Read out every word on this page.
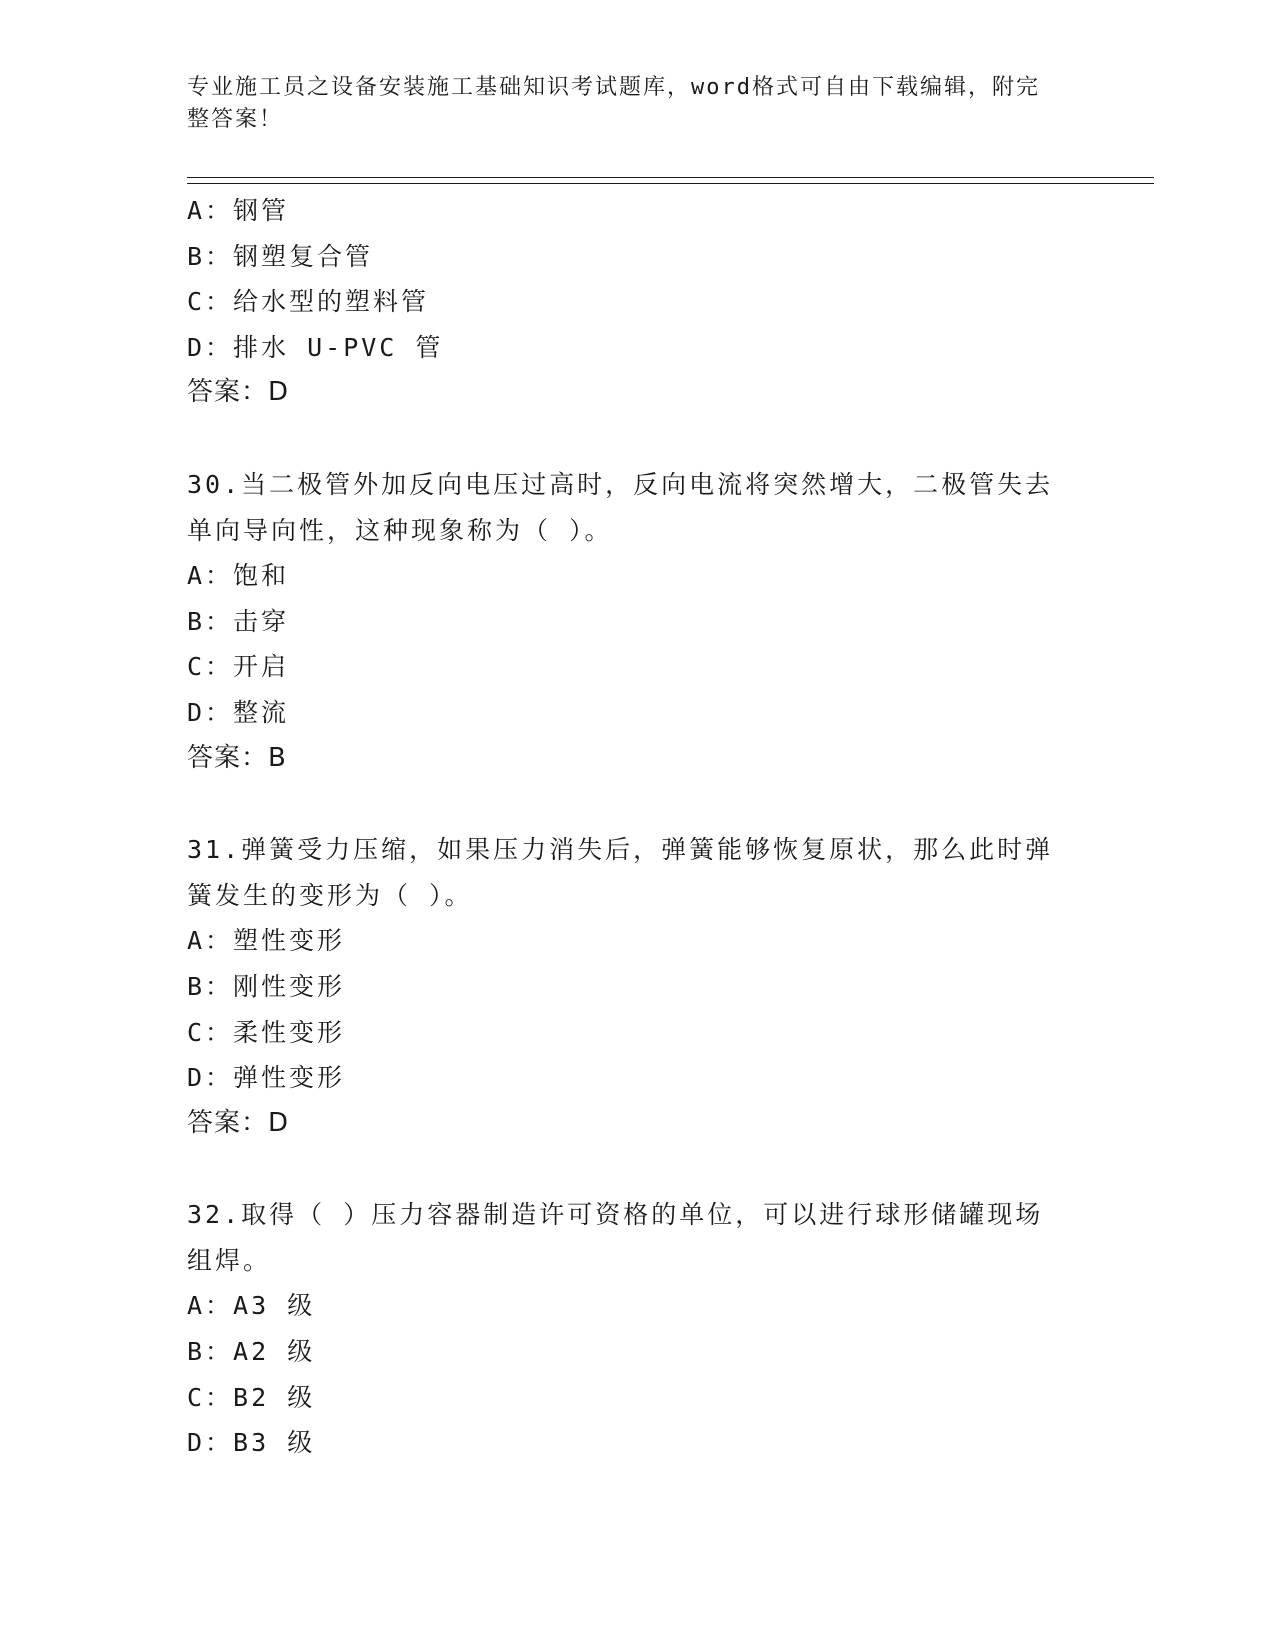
专业施工员之设备安装施工基础知识考试题库，word格式可自由下载编辑，附完
整答案！
A：钢管
B：钢塑复合管
C：给水型的塑料管
D：排水 U-PVC 管
答案：D
30.当二极管外加反向电压过高时，反向电流将突然增大，二极管失去
单向导向性，这种现象称为（ ）。
A：饱和
B：击穿
C：开启
D：整流
答案：B
31.弹簧受力压缩，如果压力消失后，弹簧能够恢复原状，那么此时弹
簧发生的变形为（ ）。
A：塑性变形
B：刚性变形
C：柔性变形
D：弹性变形
答案：D
32.取得（ ）压力容器制造许可资格的单位，可以进行球形储罐现场
组焊。
A：A3 级
B：A2 级
C：B2 级
D：B3 级
